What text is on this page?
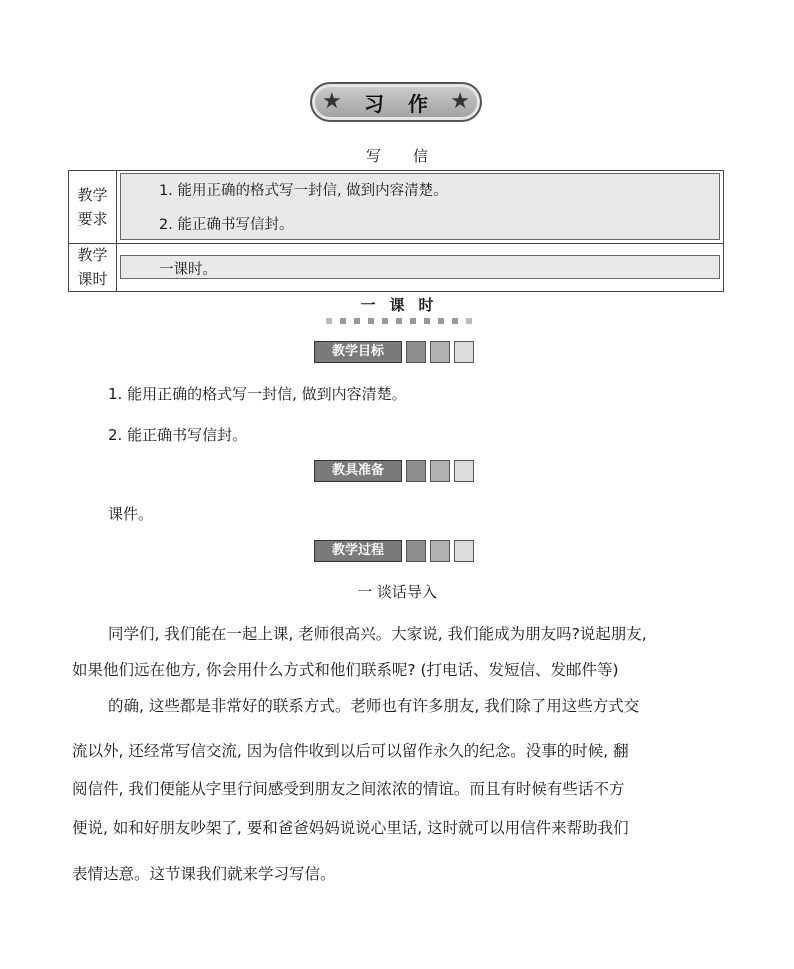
★ 习作
★
写信
教学要求
1. 能用正确的格式写一封信, 做到内容清楚。
2. 能正确书写信封。
教学课时	一课时。
一课时
教学目标
1. 能用正确的格式写一封信, 做到内容清楚。
2. 能正确书写信封。
教具准备
课件。
教学过程
一 谈话导入
同学们, 我们能在一起上课, 老师很高兴。大家说, 我们能成为朋友吗?说起朋友,
如果他们远在他方, 你会用什么方式和他们联系呢? (打电话、发短信、发邮件等)
的确, 这些都是非常好的联系方式。老师也有许多朋友, 我们除了用这些方式交
流以外, 还经常写信交流, 因为信件收到以后可以留作永久的纪念。没事的时候, 翻
阅信件, 我们便能从字里行间感受到朋友之间浓浓的情谊。而且有时候有些话不方
便说, 如和好朋友吵架了, 要和爸爸妈妈说说心里话, 这时就可以用信件来帮助我们
表情达意。这节课我们就来学习写信。
